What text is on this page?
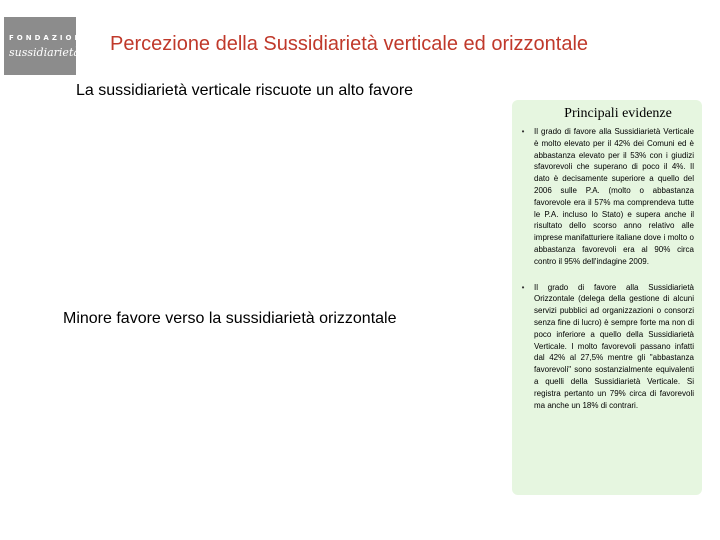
FONDAZIONE
sussidiarietà Percezione della Sussidiarietà verticale ed orizzontale
La sussidiarietà verticale riscuote un alto favore
Minore favore verso la sussidiarietà orizzontale
Principali evidenze
•	Il grado di favore alla Sussidiarietà Verticale è molto elevato per il 42% dei Comuni ed è abbastanza elevato per il 53% con i giudizi sfavorevoli che superano di poco il 4%. Il dato è decisamente superiore a quello del 2006 sulle P.A. (molto o abbastanza favorevole era il 57% ma comprendeva tutte le P.A. incluso lo Stato) e supera anche il risultato dello scorso anno relativo alle imprese manifatturiere italiane dove i molto o abbastanza favorevoli era al 90% circa contro il 95% dell'indagine 2009.
•	Il grado di favore alla Sussidiarietà Orizzontale (delega della gestione di alcuni servizi pubblici ad organizzazioni o consorzi senza fine di lucro) è sempre forte ma non di poco inferiore a quello della Sussidiarietà Verticale. I molto favorevoli passano infatti dal 42% al 27,5% mentre gli "abbastanza favorevoli" sono sostanzialmente equivalenti a quelli della Sussidiarietà Verticale. Si registra pertanto un 79% circa di favorevoli ma anche un 18% di contrari.
